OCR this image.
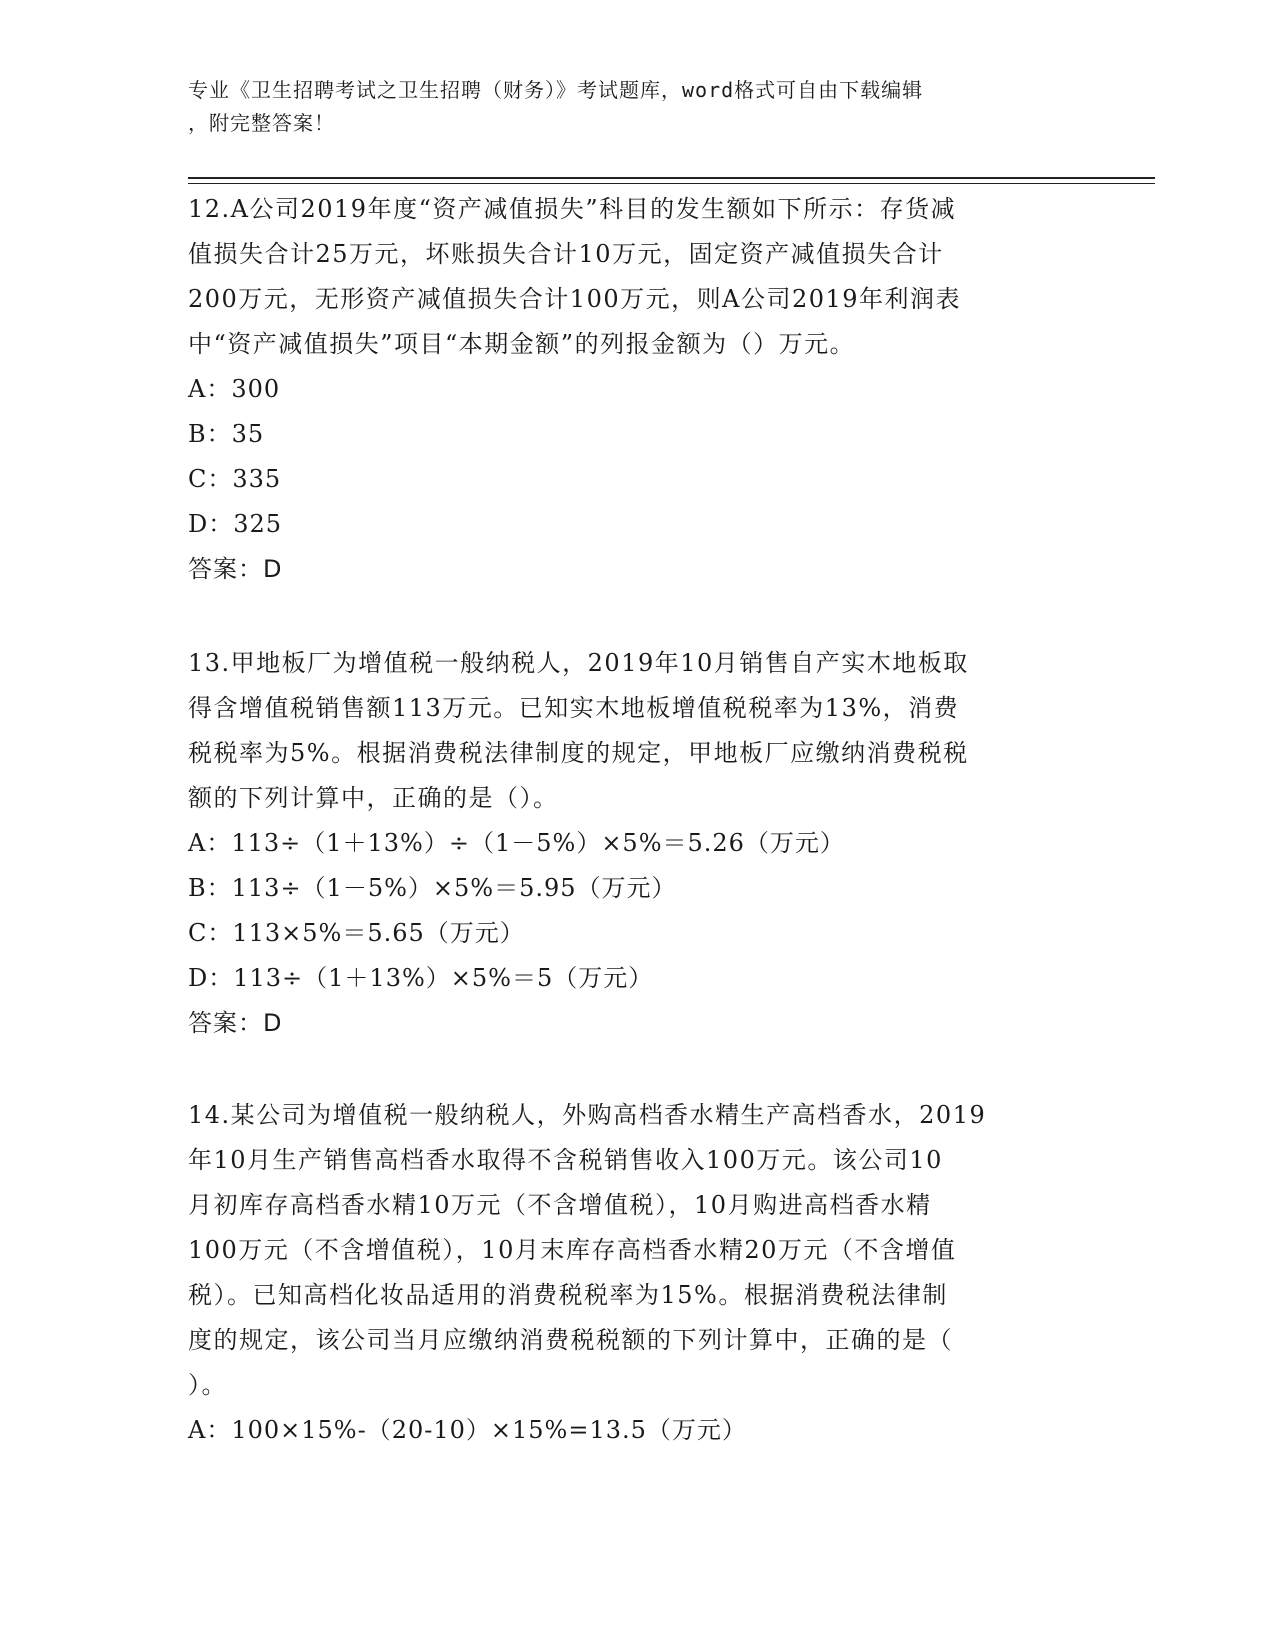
专业《卫生招聘考试之卫生招聘（财务）》考试题库，word格式可自由下载编辑
，附完整答案！
12.A公司2019年度“资产减值损失”科目的发生额如下所示：存货减
值损失合计25万元，坏账损失合计10万元，固定资产减值损失合计
200万元，无形资产减值损失合计100万元，则A公司2019年利润表
中“资产减值损失”项目“本期金额”的列报金额为（）万元。
A：300
B：35
C：335
D：325
答案：D
13.甲地板厂为增值税一般纳税人，2019年10月销售自产实木地板取
得含增值税销售额113万元。已知实木地板增值税税率为13%，消费
税税率为5%。根据消费税法律制度的规定，甲地板厂应缴纳消费税税
额的下列计算中，正确的是（）。
A：113÷（1＋13%）÷（1－5%）×5%＝5.26（万元）
B：113÷（1－5%）×5%＝5.95（万元）
C：113×5%＝5.65（万元）
D：113÷（1＋13%）×5%＝5（万元）
答案：D
14.某公司为增值税一般纳税人，外购高档香水精生产高档香水，2019
年10月生产销售高档香水取得不含税销售收入100万元。该公司10
月初库存高档香水精10万元（不含增值税），10月购进高档香水精
100万元（不含增值税），10月末库存高档香水精20万元（不含增值
税）。已知高档化妆品适用的消费税税率为15%。根据消费税法律制
度的规定，该公司当月应缴纳消费税税额的下列计算中，正确的是（
）。
A：100×15%-（20-10）×15%=13.5（万元）
